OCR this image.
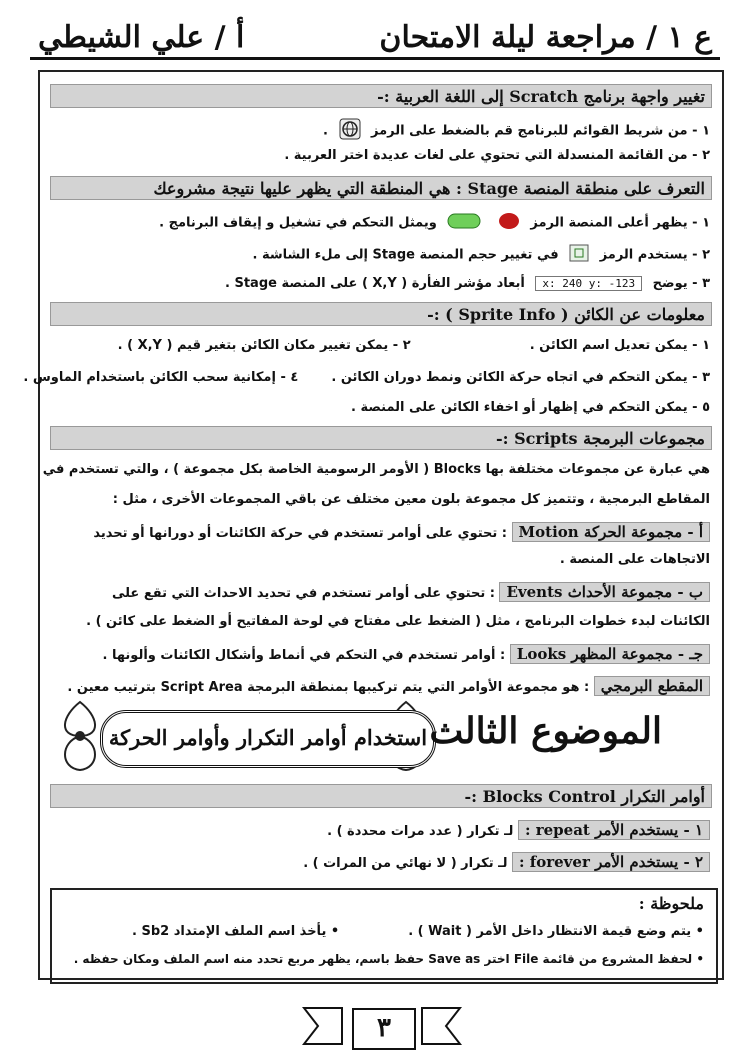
أ / علي الشيطي	ع ١ / مراجعة ليلة الامتحان
تغيير واجهة برنامج Scratch إلى اللغة العربية :-
١ - من شريط القوائم للبرنامج قم بالضغط على الرمز  .
٢ - من القائمة المنسدلة التي تحتوي على لغات عديدة اختر العربية .
التعرف على منطقة المنصة Stage : هي المنطقة التي يظهر عليها نتيجة مشروعك
١ - يظهر أعلى المنصة الرمز   ويمثل التحكم في تشغيل و إيقاف البرنامج .
٢ - يستخدم الرمز  في تغيير حجم المنصة Stage إلى ملء الشاشة .
٣ - يوضح x: 240 y: -123 أبعاد مؤشر الفأرة ( X,Y ) على المنصة Stage .
معلومات عن الكائن ( Sprite Info ) :-
١ - يمكن تعديل اسم الكائن .  ٢ - يمكن تغيير مكان الكائن بتغير قيم ( X,Y ) .
٣ - يمكن التحكم في اتجاه حركة الكائن ونمط دوران الكائن .  ٤ - إمكانية سحب الكائن باستخدام الماوس .
٥ - يمكن التحكم في إظهار أو اخفاء الكائن على المنصة .
مجموعات البرمجة Scripts :-
هي عبارة عن مجموعات مختلفة بها Blocks ( الأومر الرسومية الخاصة بكل مجموعة ) ، والتي تستخدم في
المقاطع البرمجية ، وتتميز كل مجموعة بلون معين مختلف عن باقي المجموعات الأخرى ، مثل :
أ - مجموعة الحركة Motion : تحتوي على أوامر تستخدم في حركة الكائنات أو دورانها أو تحديد
الاتجاهات على المنصة .
ب - مجموعة الأحداث Events : تحتوي على أوامر تستخدم في تحديد الاحداث التي تقع على
الكائنات لبدء خطوات البرنامج ، مثل ( الضغط على مفتاح في لوحة المفاتيح أو الضغط على كائن ) .
جـ - مجموعة المظهر Looks : أوامر تستخدم في التحكم في أنماط وأشكال الكائنات وألونها .
المقطع البرمجي : هو مجموعة الأوامر التي يتم تركيبها بمنطقة البرمجة Script Area بترتيب معين .
أوامر التكرار Blocks Control :-
١ - يستخدم الأمر repeat : لـ تكرار ( عدد مرات محددة ) .
٢ - يستخدم الأمر forever : لـ تكرار ( لا نهائي من المرات ) .
استخدام أوامر التكرار وأوامر الحركة الموضوع الثالث
ملحوظة :
• يتم وضع قيمة الانتظار داخل الأمر ( Wait ) .  • يأخذ اسم الملف الإمتداد Sb2 .
• لحفظ المشروع من قائمة File اختر Save as حفظ باسم، يظهر مربع تحدد منه اسم الملف ومكان حفظه .
٣
